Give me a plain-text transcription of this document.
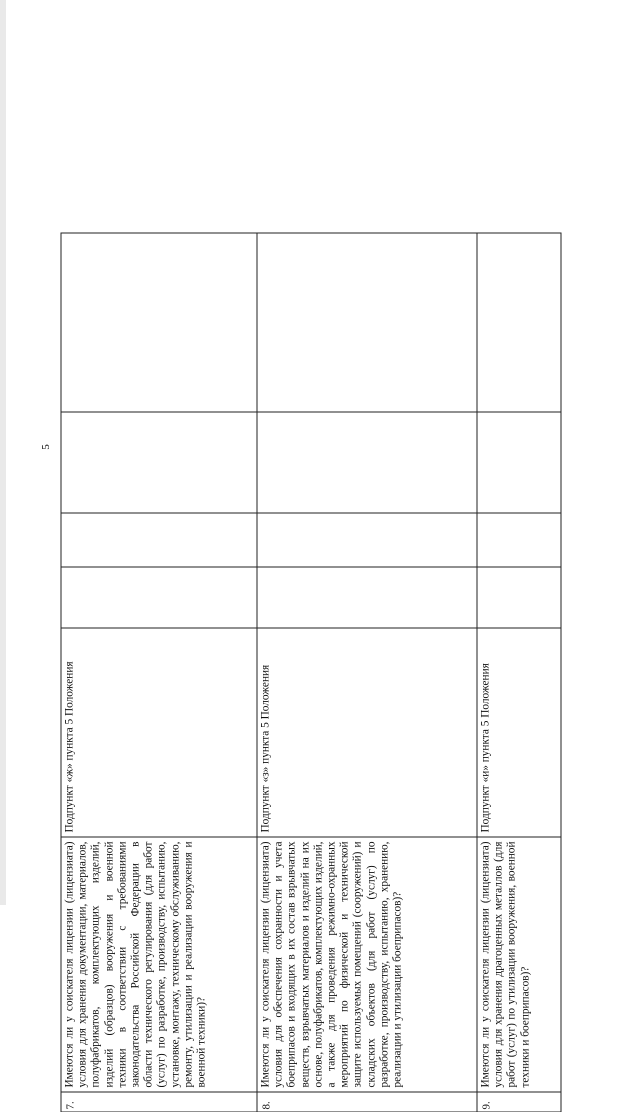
5
7.	Имеются ли у соискателя лицензии (лицензиата) условия для хранения документации, материалов, полуфабрикатов, комплектующих изделий, изделий (образцов) вооружения и военной техники в соответствии с требованиями законодательства Российской Федерации в области технического регулирования (для работ (услуг) по разработке, производству, испытанию, установке, монтажу, техническому обслуживанию, ремонту, утилизации и реализации вооружения и военной техники)?	Подпункт «ж» пункта 5 Положения				
8.	Имеются ли у соискателя лицензии (лицензиата) условия для обеспечения сохранности и учета боеприпасов и входящих в их состав взрывчатых веществ, взрывчатых материалов и изделий на их основе, полуфабрикатов, комплектующих изделий, а также для проведения режимно-охранных мероприятий по физической и технической защите используемых помещений (сооружений) и складских объектов (для работ (услуг) по разработке, производству, испытанию, хранению, реализации и утилизации боеприпасов)?	Подпункт «з» пункта 5 Положения				
9.	Имеются ли у соискателя лицензии (лицензиата) условия для хранения драгоценных металлов (для работ (услуг) по утилизации вооружения, военной техники и боеприпасов)?	Подпункт «и» пункта 5 Положения				
